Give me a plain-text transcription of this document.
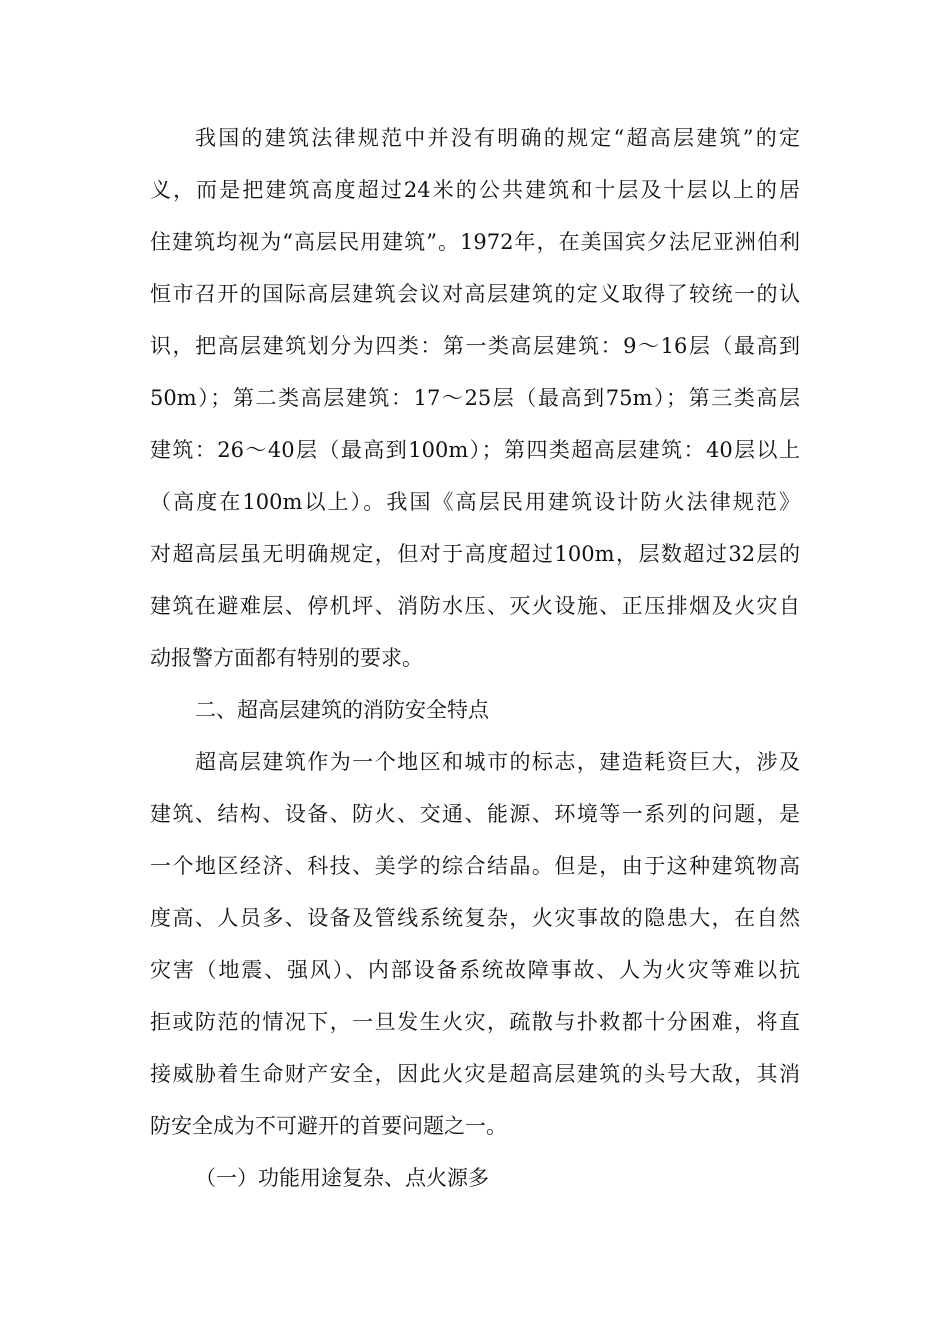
我国的建筑法律规范中并没有明确的规定“超高层建筑”的定
义，而是把建筑高度超过24米的公共建筑和十层及十层以上的居
住建筑均视为“高层民用建筑”。1972年，在美国宾夕法尼亚洲伯利
恒市召开的国际高层建筑会议对高层建筑的定义取得了较统一的认
识，把高层建筑划分为四类：第一类高层建筑：9～16层（最高到
50m）；第二类高层建筑：17～25层（最高到75m）；第三类高层
建筑：26～40层（最高到100m）；第四类超高层建筑：40层以上
（高度在100m以上）。我国《高层民用建筑设计防火法律规范》
对超高层虽无明确规定，但对于高度超过100m，层数超过32层的
建筑在避难层、停机坪、消防水压、灭火设施、正压排烟及火灾自
动报警方面都有特别的要求。
二、超高层建筑的消防安全特点
超高层建筑作为一个地区和城市的标志，建造耗资巨大，涉及
建筑、结构、设备、防火、交通、能源、环境等一系列的问题，是
一个地区经济、科技、美学的综合结晶。但是，由于这种建筑物高
度高、人员多、设备及管线系统复杂，火灾事故的隐患大，在自然
灾害（地震、强风）、内部设备系统故障事故、人为火灾等难以抗
拒或防范的情况下，一旦发生火灾，疏散与扑救都十分困难，将直
接威胁着生命财产安全，因此火灾是超高层建筑的头号大敌，其消
防安全成为不可避开的首要问题之一。
（一）功能用途复杂、点火源多
